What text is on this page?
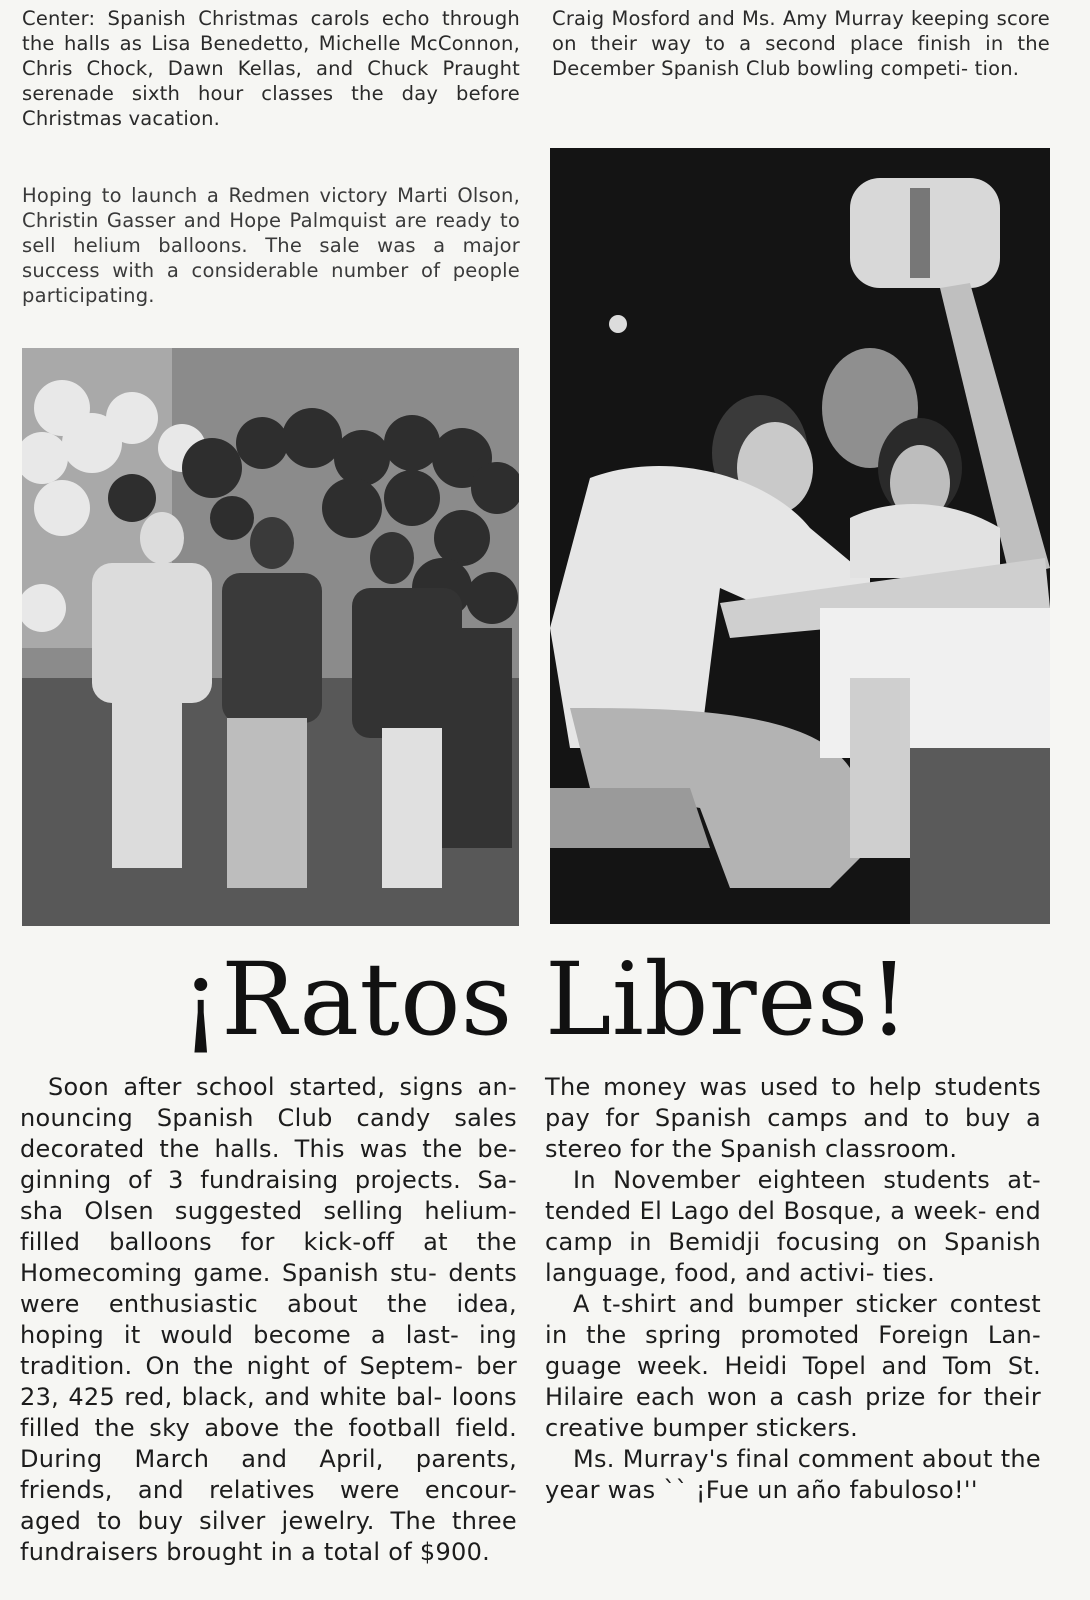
Center: Spanish Christmas carols echo through the halls as Lisa Benedetto, Michelle McConnon, Chris Chock, Dawn Kellas, and Chuck Praught serenade sixth hour classes the day before Christmas vacation.
Craig Mosford and Ms. Amy Murray keeping score on their way to a second place finish in the December Spanish Club bowling competi- tion.
Hoping to launch a Redmen victory Marti Olson, Christin Gasser and Hope Palmquist are ready to sell helium balloons. The sale was a major success with a considerable number of people participating.
¡Ratos Libres!

Soon after school started, signs an- nouncing Spanish Club candy sales decorated the halls. This was the be- ginning of 3 fundraising projects. Sa- sha Olsen suggested selling helium- filled balloons for kick-off at the Homecoming game. Spanish stu- dents were enthusiastic about the idea, hoping it would become a last- ing tradition. On the night of Septem- ber 23, 425 red, black, and white bal- loons filled the sky above the football field. During March and April, parents, friends, and relatives were encour- aged to buy silver jewelry. The three fundraisers brought in a total of $900.

The money was used to help students pay for Spanish camps and to buy a stereo for the Spanish classroom.

In November eighteen students at- tended El Lago del Bosque, a week- end camp in Bemidji focusing on Spanish language, food, and activi- ties.

A t-shirt and bumper sticker contest in the spring promoted Foreign Lan- guage week. Heidi Topel and Tom St. Hilaire each won a cash prize for their creative bumper stickers.

Ms. Murray's final comment about the year was `` ¡Fue un año fabuloso!''
